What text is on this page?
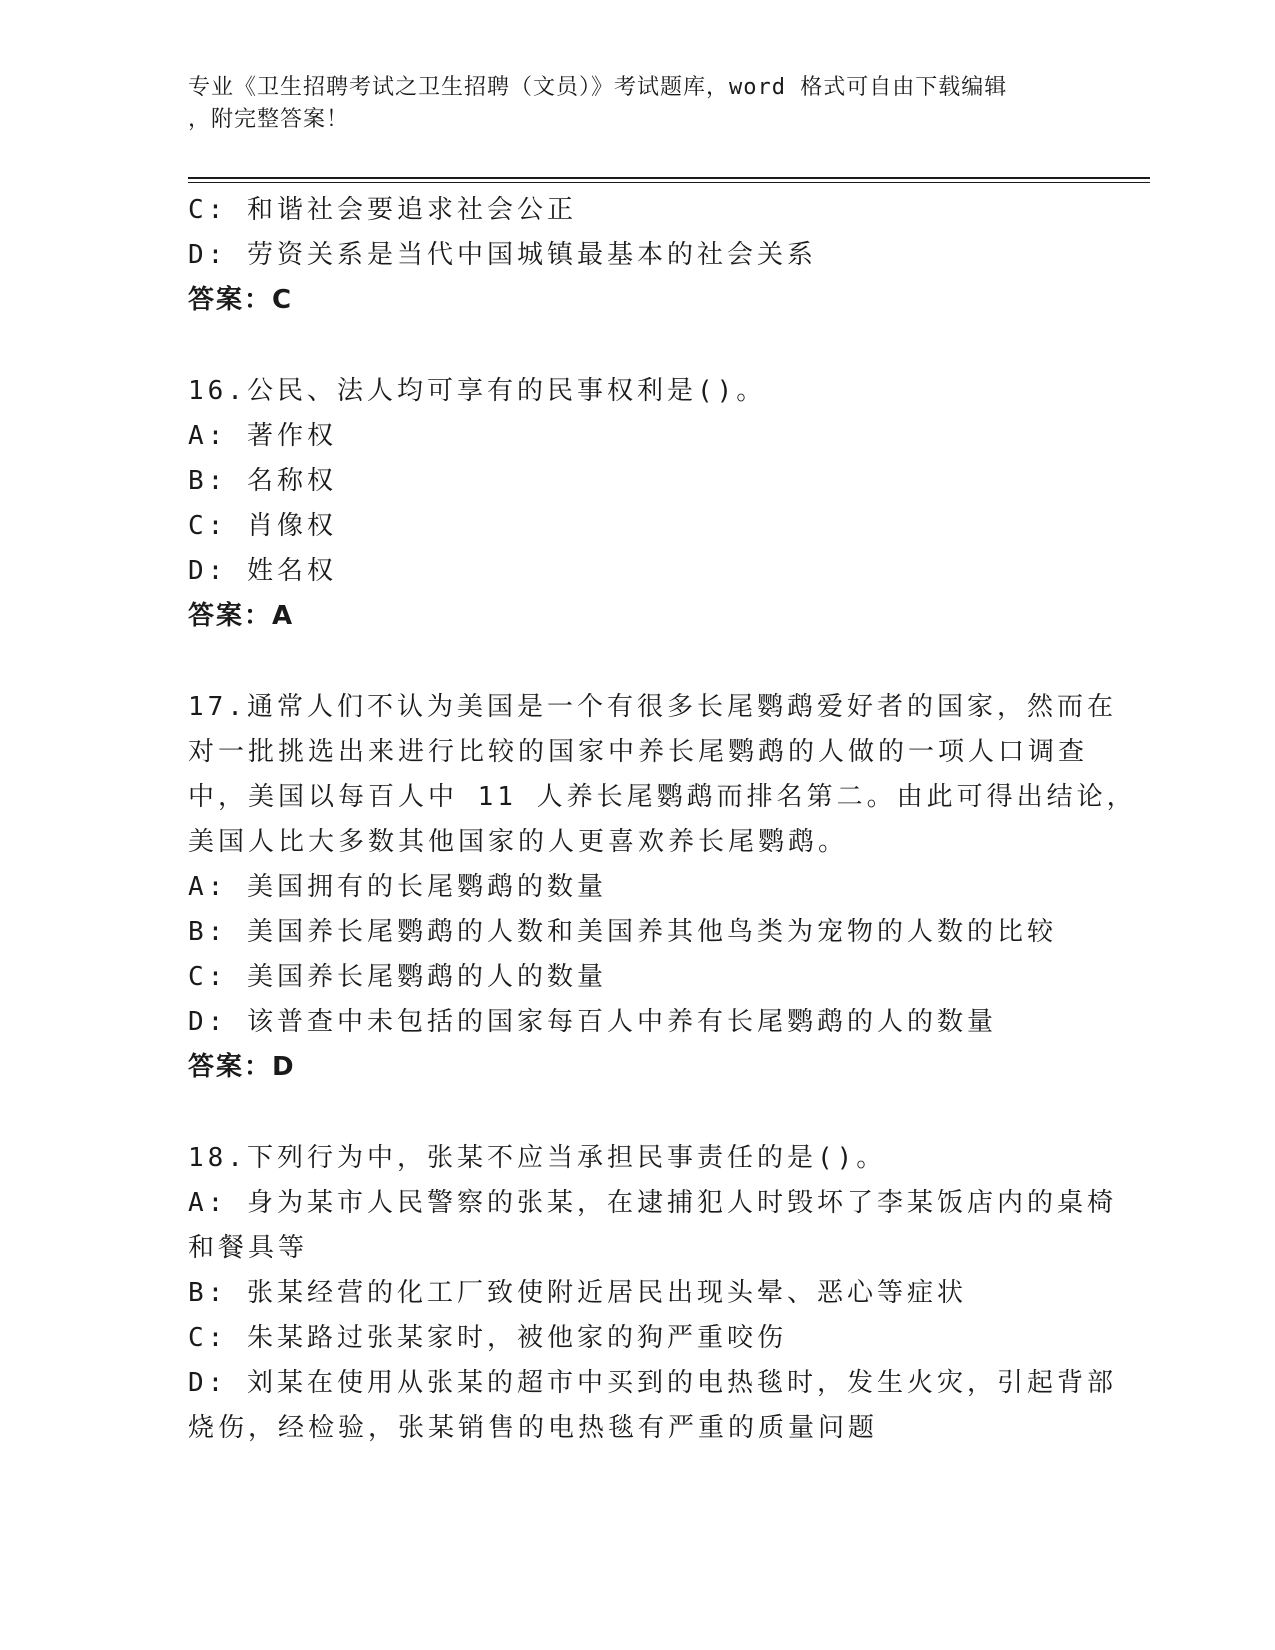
专业《卫生招聘考试之卫生招聘（文员）》考试题库，word 格式可自由下载编辑
，附完整答案！
C: 和谐社会要追求社会公正
D: 劳资关系是当代中国城镇最基本的社会关系
答案：C
16.公民、法人均可享有的民事权利是()。
A: 著作权
B: 名称权
C: 肖像权
D: 姓名权
答案：A
17.通常人们不认为美国是一个有很多长尾鹦鹉爱好者的国家，然而在
对一批挑选出来进行比较的国家中养长尾鹦鹉的人做的一项人口调查
中，美国以每百人中 11 人养长尾鹦鹉而排名第二。由此可得出结论，
美国人比大多数其他国家的人更喜欢养长尾鹦鹉。
A: 美国拥有的长尾鹦鹉的数量
B: 美国养长尾鹦鹉的人数和美国养其他鸟类为宠物的人数的比较
C: 美国养长尾鹦鹉的人的数量
D: 该普查中未包括的国家每百人中养有长尾鹦鹉的人的数量
答案：D
18.下列行为中，张某不应当承担民事责任的是()。
A: 身为某市人民警察的张某，在逮捕犯人时毁坏了李某饭店内的桌椅
和餐具等
B: 张某经营的化工厂致使附近居民出现头晕、恶心等症状
C: 朱某路过张某家时，被他家的狗严重咬伤
D: 刘某在使用从张某的超市中买到的电热毯时，发生火灾，引起背部
烧伤，经检验，张某销售的电热毯有严重的质量问题
